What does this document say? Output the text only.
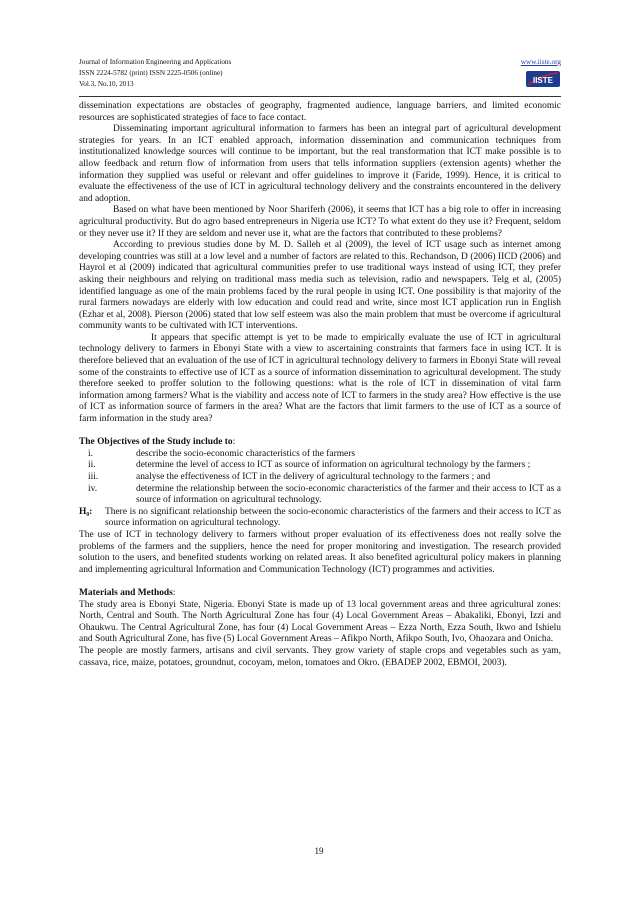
Journal of Information Engineering and Applications	www.iiste.org
ISSN 2224-5782 (print) ISSN 2225-0506 (online)
Vol.3, No.10, 2013	IISTE

dissemination expectations are obstacles of geography, fragmented audience, language barriers, and limited economic resources are sophisticated strategies of face to face contact.

Disseminating important agricultural information to farmers has been an integral part of agricultural development strategies for years. In an ICT enabled approach, information dissemination and communication techniques from institutionalized knowledge sources will continue to be important, but the real transformation that ICT make possible is to allow feedback and return flow of information from users that tells information suppliers (extension agents) whether the information they supplied was useful or relevant and offer guidelines to improve it (Faride, 1999). Hence, it is critical to evaluate the effectiveness of the use of ICT in agricultural technology delivery and the constraints encountered in the delivery and adoption.

Based on what have been mentioned by Noor Shariferh (2006), it seems that ICT has a big role to offer in increasing agricultural productivity. But do agro based entrepreneurs in Nigeria use ICT? To what extent do they use it? Frequent, seldom or they never use it? If they are seldom and never use it, what are the factors that contributed to these problems?

According to previous studies done by M. D. Salleh et al (2009), the level of ICT usage such as internet among developing countries was still at a low level and a number of factors are related to this. Rechandson, D (2006) IICD (2006) and Hayrol et al (2009) indicated that agricultural communities prefer to use traditional ways instead of using ICT, they prefer asking their neighbours and relying on traditional mass media such as television, radio and newspapers. Telg et al, (2005) identified language as one of the main problems faced by the rural people in using ICT. One possibility is that majority of the rural farmers nowadays are elderly with low education and could read and write, since most ICT application run in English (Ezhar et al, 2008). Pierson (2006) stated that low self esteem was also the main problem that must be overcome if agricultural community wants to be cultivated with ICT interventions.

It appears that specific attempt is yet to be made to empirically evaluate the use of ICT in agricultural technology delivery to farmers in Ebonyi State with a view to ascertaining constraints that farmers face in using ICT. It is therefore believed that an evaluation of the use of ICT in agricultural technology delivery to farmers in Ebonyi State will reveal some of the constraints to effective use of ICT as a source of information dissemination to agricultural development. The study therefore seeked to proffer solution to the following questions: what is the role of ICT in dissemination of vital farm information among farmers? What is the viability and access note of ICT to farmers in the study area? How effective is the use of ICT as information source of farmers in the area? What are the factors that limit farmers to the use of ICT as a source of farm information in the study area?

The Objectives of the Study include to:

i.	describe the socio-economic characteristics of the farmers
ii.	determine the level of access to ICT as source of information on agricultural technology by the farmers ;
iii.	analyse the effectiveness of ICT in the delivery of agricultural technology to the farmers ; and
iv.	determine the relationship between the socio-economic characteristics of the farmer and their access to ICT as a source of information on agricultural technology.
H₀:	There is no significant relationship between the socio-economic characteristics of the farmers and their access to ICT as source information on agricultural technology.

The use of ICT in technology delivery to farmers without proper evaluation of its effectiveness does not really solve the problems of the farmers and the suppliers, hence the need for proper monitoring and investigation. The research provided solution to the users, and benefited students working on related areas. It also benefited agricultural policy makers in planning and implementing agricultural Information and Communication Technology (ICT) programmes and activities.

Materials and Methods:

The study area is Ebonyi State, Nigeria. Ebonyi State is made up of 13 local government areas and three agricultural zones: North, Central and South. The North Agricultural Zone has four (4) Local Government Areas – Abakaliki, Ebonyi, Izzi and Ohaukwu. The Central Agricultural Zone, has four (4) Local Government Areas – Ezza North, Ezza South, Ikwo and Ishielu and South Agricultural Zone, has five (5) Local Government Areas – Afikpo North, Afikpo South, Ivo, Ohaozara and Onicha.

The people are mostly farmers, artisans and civil servants. They grow variety of staple crops and vegetables such as yam, cassava, rice, maize, potatoes, groundnut, cocoyam, melon, tomatoes and Okro. (EBADEP 2002, EBMOI, 2003).

19
